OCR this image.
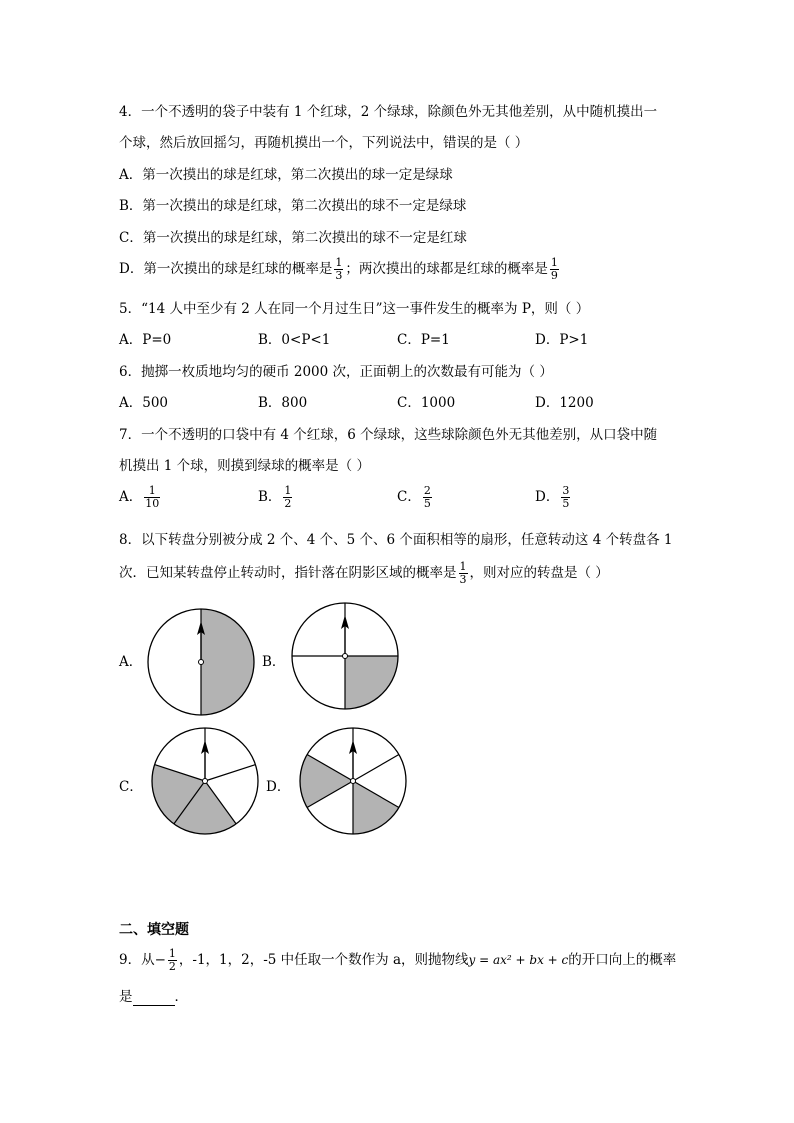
4．一个不透明的袋子中装有 1 个红球，2 个绿球，除颜色外无其他差别，从中随机摸出一
个球，然后放回摇匀，再随机摸出一个，下列说法中，错误的是（ ）
A．第一次摸出的球是红球，第二次摸出的球一定是绿球
B．第一次摸出的球是红球，第二次摸出的球不一定是绿球
C．第一次摸出的球是红球，第二次摸出的球不一定是红球
D．第一次摸出的球是红球的概率是 $\frac{1}{3}$ ；两次摸出的球都是红球的概率是 $\frac{1}{9}$
5．“14 人中至少有 2 人在同一个月过生日”这一事件发生的概率为 P，则（ ）
A．P=0	B．0<P<1	C．P=1	D．P>1
6．抛掷一枚质地均匀的硬币 2000 次，正面朝上的次数最有可能为（ ）
A．500	B．800	C．1000	D．1200
7．一个不透明的口袋中有 4 个红球，6 个绿球，这些球除颜色外无其他差别，从口袋中随
机摸出 1 个球，则摸到绿球的概率是（ ）
A． $\frac{1}{10}$	B． $\frac{1}{2}$	C． $\frac{2}{5}$	D． $\frac{3}{5}$
8．以下转盘分别被分成 2 个、4 个、5 个、6 个面积相等的扇形，任意转动这 4 个转盘各 1
次．已知某转盘停止转动时，指针落在阴影区域的概率是 $\frac{1}{3}$ ，则对应的转盘是（ ）
A．	B．
C．	D．
二、填空题
9．从− $\frac{1}{2}$ ，-1，1，2，-5 中任取一个数作为 a，则抛物线y = ax² + bx + c的开口向上的概率
是	．
